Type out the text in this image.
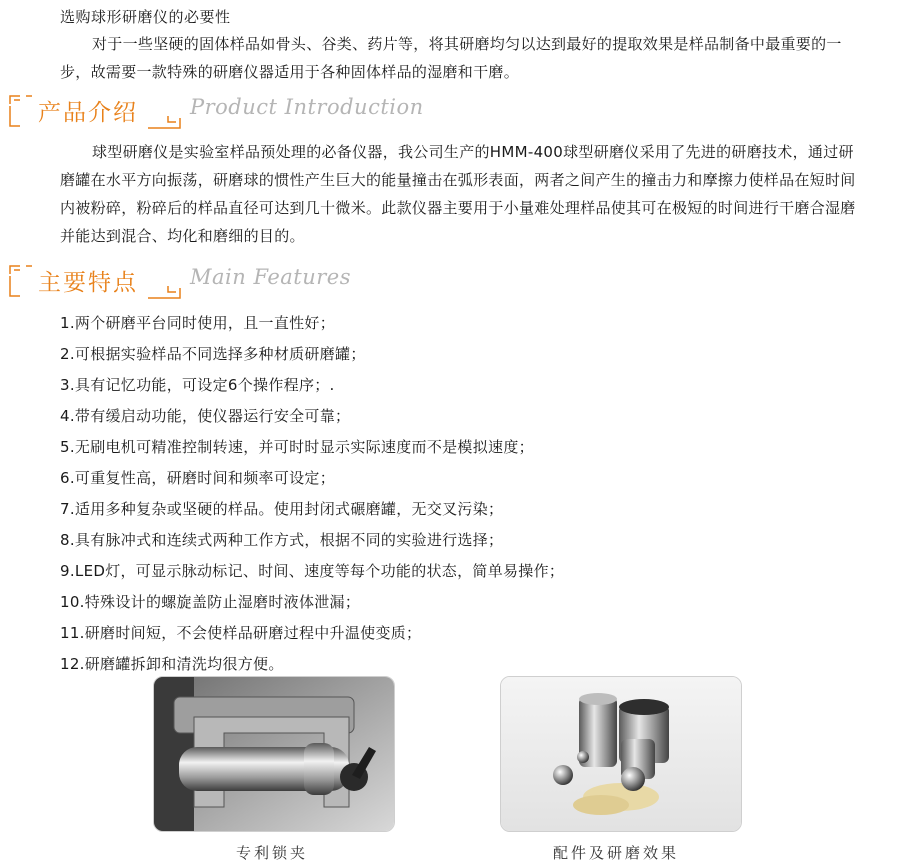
选购球形研磨仪的必要性

对于一些坚硬的固体样品如骨头、谷类、药片等，将其研磨均匀以达到最好的提取效果是样品制备中最重要的一步，故需要一款特殊的研磨仪器适用于各种固体样品的湿磨和干磨。

产品介绍 Product Introduction

球型研磨仪是实验室样品预处理的必备仪器，我公司生产的HMM-400球型研磨仪采用了先进的研磨技术，通过研磨罐在水平方向振荡，研磨球的惯性产生巨大的能量撞击在弧形表面，两者之间产生的撞击力和摩擦力使样品在短时间内被粉碎，粉碎后的样品直径可达到几十微米。此款仪器主要用于小量难处理样品使其可在极短的时间进行干磨合湿磨并能达到混合、均化和磨细的目的。

主要特点 Main Features
1.两个研磨平台同时使用，且一直性好；
2.可根据实验样品不同选择多种材质研磨罐；
3.具有记忆功能，可设定6个操作程序；.
4.带有缓启动功能，使仪器运行安全可靠；
5.无刷电机可精准控制转速，并可时时显示实际速度而不是模拟速度；
6.可重复性高，研磨时间和频率可设定；
7.适用多种复杂或坚硬的样品。使用封闭式碾磨罐，无交叉污染；
8.具有脉冲式和连续式两种工作方式，根据不同的实验进行选择；
9.LED灯，可显示脉动标记、时间、速度等每个功能的状态，简单易操作；
10.特殊设计的螺旋盖防止湿磨时液体泄漏；
11.研磨时间短，不会使样品研磨过程中升温使变质；
12.研磨罐拆卸和清洗均很方便。
专利锁夹	配件及研磨效果
